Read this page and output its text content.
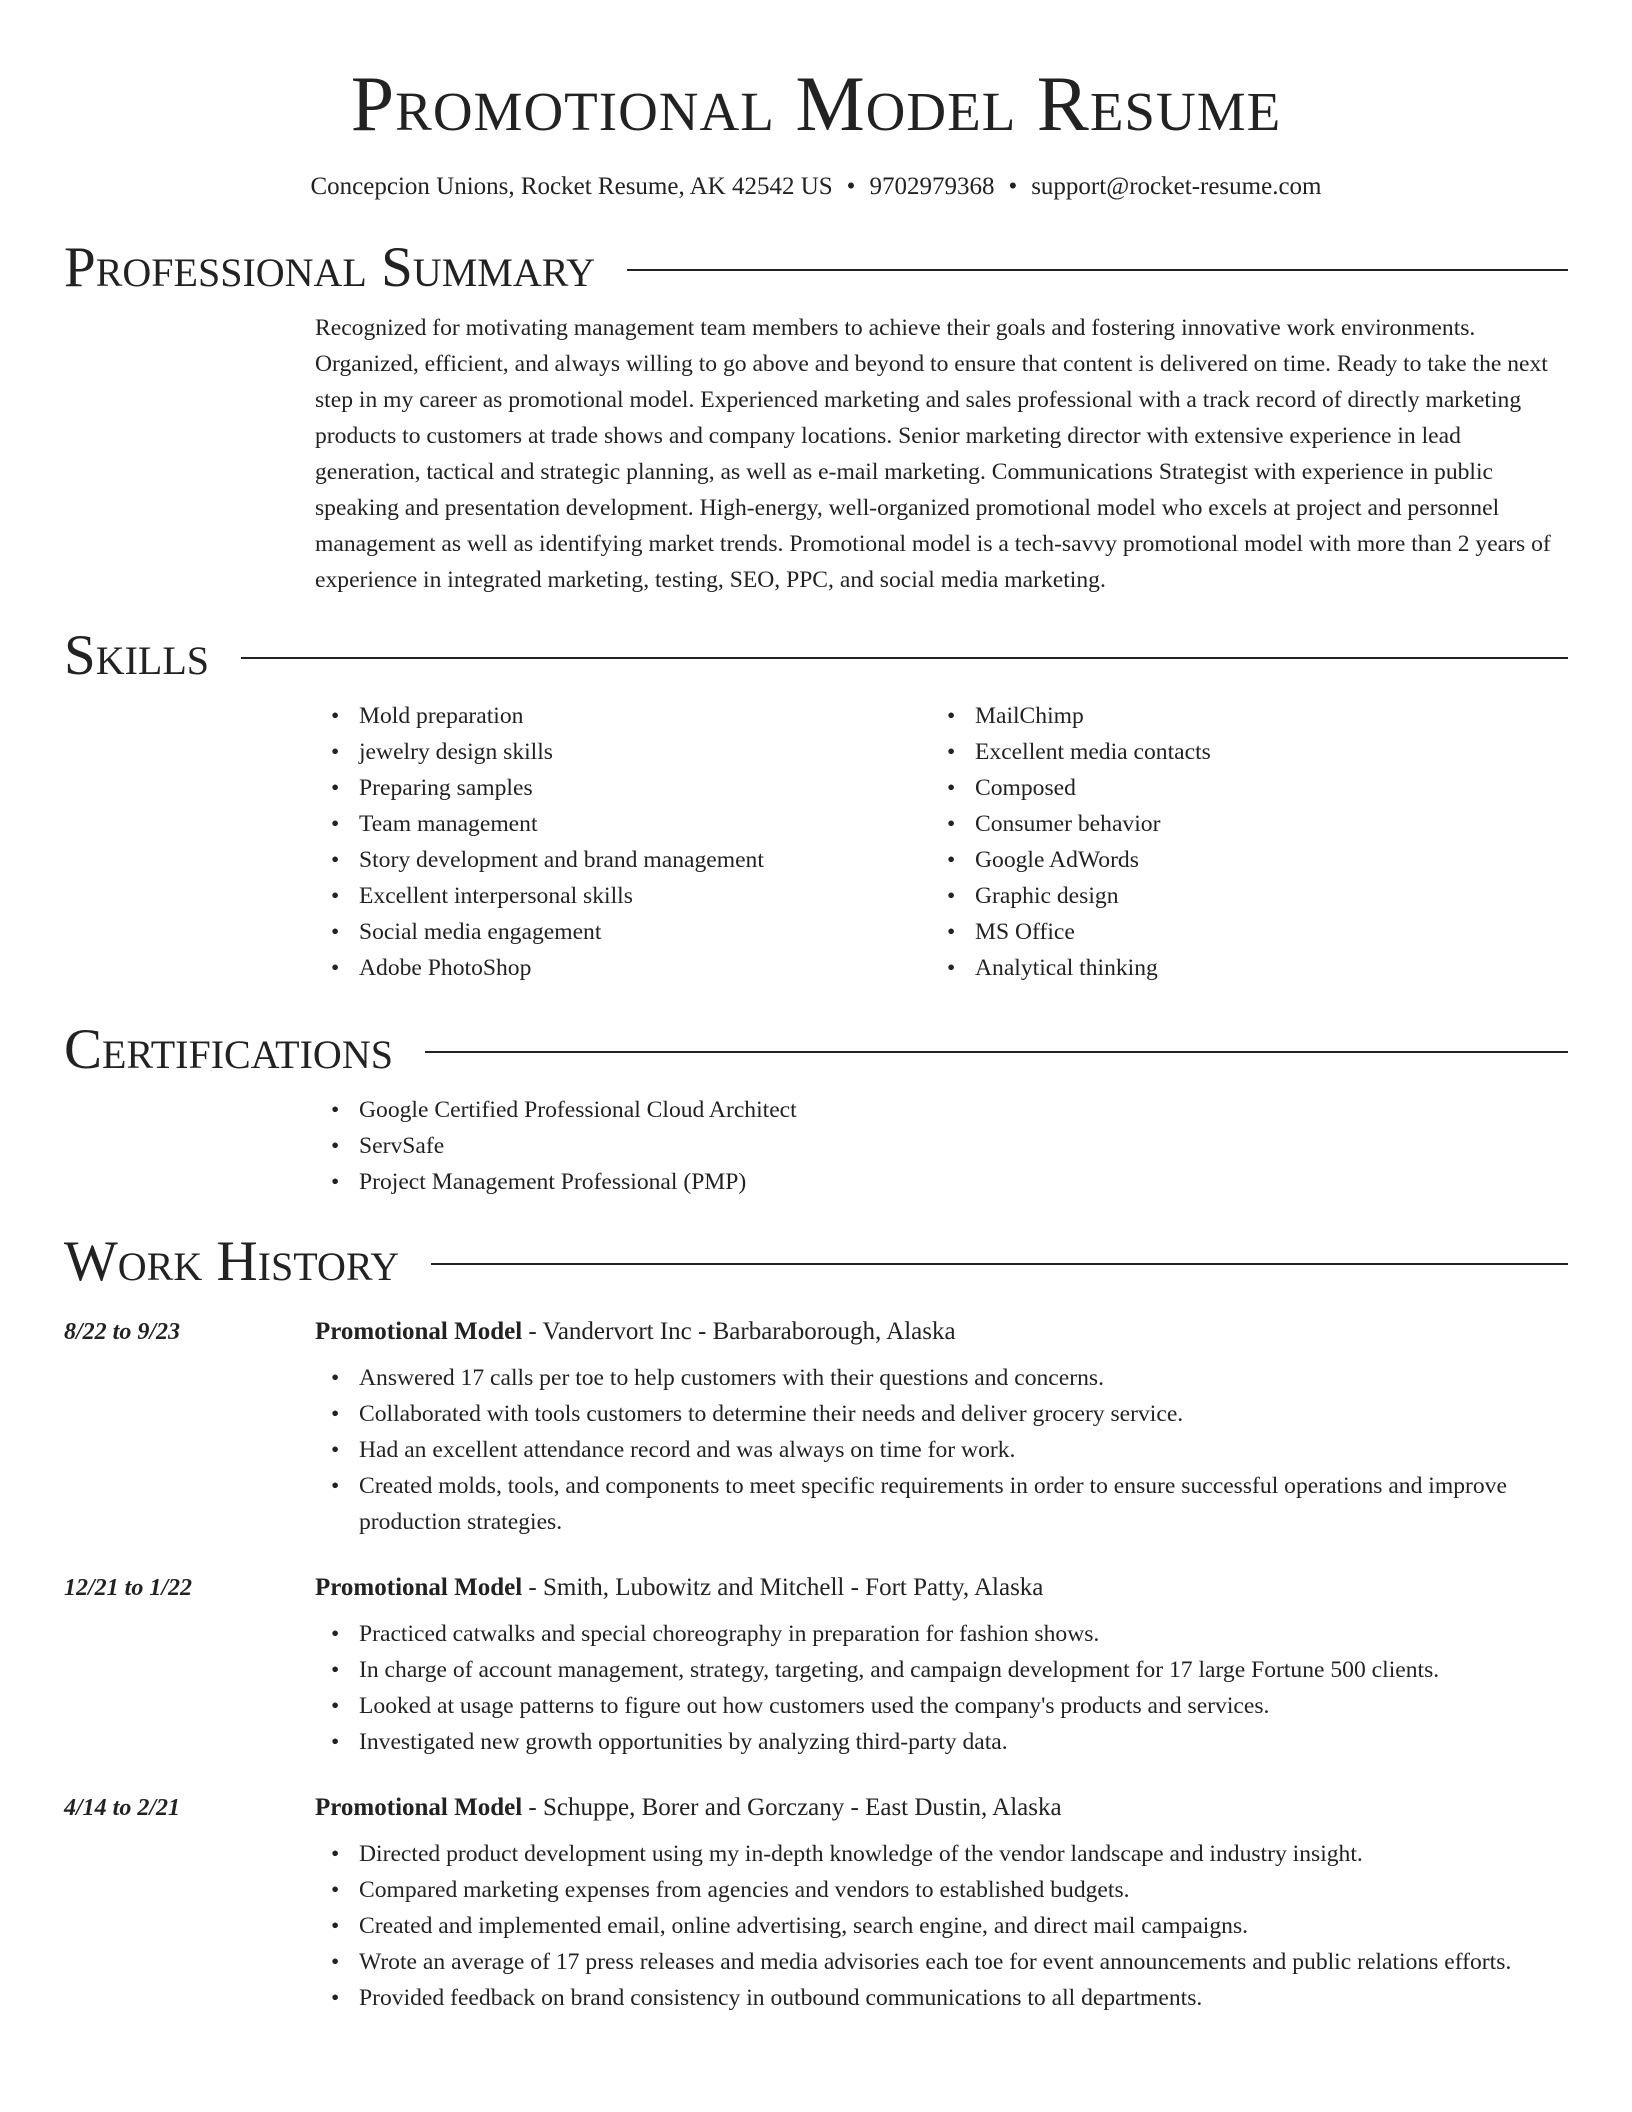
Promotional Model Resume
Concepcion Unions, Rocket Resume, AK 42542 US • 9702979368 • support@rocket-resume.com
Professional Summary
Recognized for motivating management team members to achieve their goals and fostering innovative work environments. Organized, efficient, and always willing to go above and beyond to ensure that content is delivered on time. Ready to take the next step in my career as promotional model. Experienced marketing and sales professional with a track record of directly marketing products to customers at trade shows and company locations. Senior marketing director with extensive experience in lead generation, tactical and strategic planning, as well as e-mail marketing. Communications Strategist with experience in public speaking and presentation development. High-energy, well-organized promotional model who excels at project and personnel management as well as identifying market trends. Promotional model is a tech-savvy promotional model with more than 2 years of experience in integrated marketing, testing, SEO, PPC, and social media marketing.
Skills
• Mold preparation
• jewelry design skills
• Preparing samples
• Team management
• Story development and brand management
• Excellent interpersonal skills
• Social media engagement
• Adobe PhotoShop
• MailChimp
• Excellent media contacts
• Composed
• Consumer behavior
• Google AdWords
• Graphic design
• MS Office
• Analytical thinking
Certifications
• Google Certified Professional Cloud Architect
• ServSafe
• Project Management Professional (PMP)
Work History
8/22 to 9/23	Promotional Model - Vandervort Inc - Barbaraborough, Alaska
• Answered 17 calls per toe to help customers with their questions and concerns.
• Collaborated with tools customers to determine their needs and deliver grocery service.
• Had an excellent attendance record and was always on time for work.
• Created molds, tools, and components to meet specific requirements in order to ensure successful operations and improve production strategies.
12/21 to 1/22	Promotional Model - Smith, Lubowitz and Mitchell - Fort Patty, Alaska
• Practiced catwalks and special choreography in preparation for fashion shows.
• In charge of account management, strategy, targeting, and campaign development for 17 large Fortune 500 clients.
• Looked at usage patterns to figure out how customers used the company's products and services.
• Investigated new growth opportunities by analyzing third-party data.
4/14 to 2/21	Promotional Model - Schuppe, Borer and Gorczany - East Dustin, Alaska
• Directed product development using my in-depth knowledge of the vendor landscape and industry insight.
• Compared marketing expenses from agencies and vendors to established budgets.
• Created and implemented email, online advertising, search engine, and direct mail campaigns.
• Wrote an average of 17 press releases and media advisories each toe for event announcements and public relations efforts.
• Provided feedback on brand consistency in outbound communications to all departments.
